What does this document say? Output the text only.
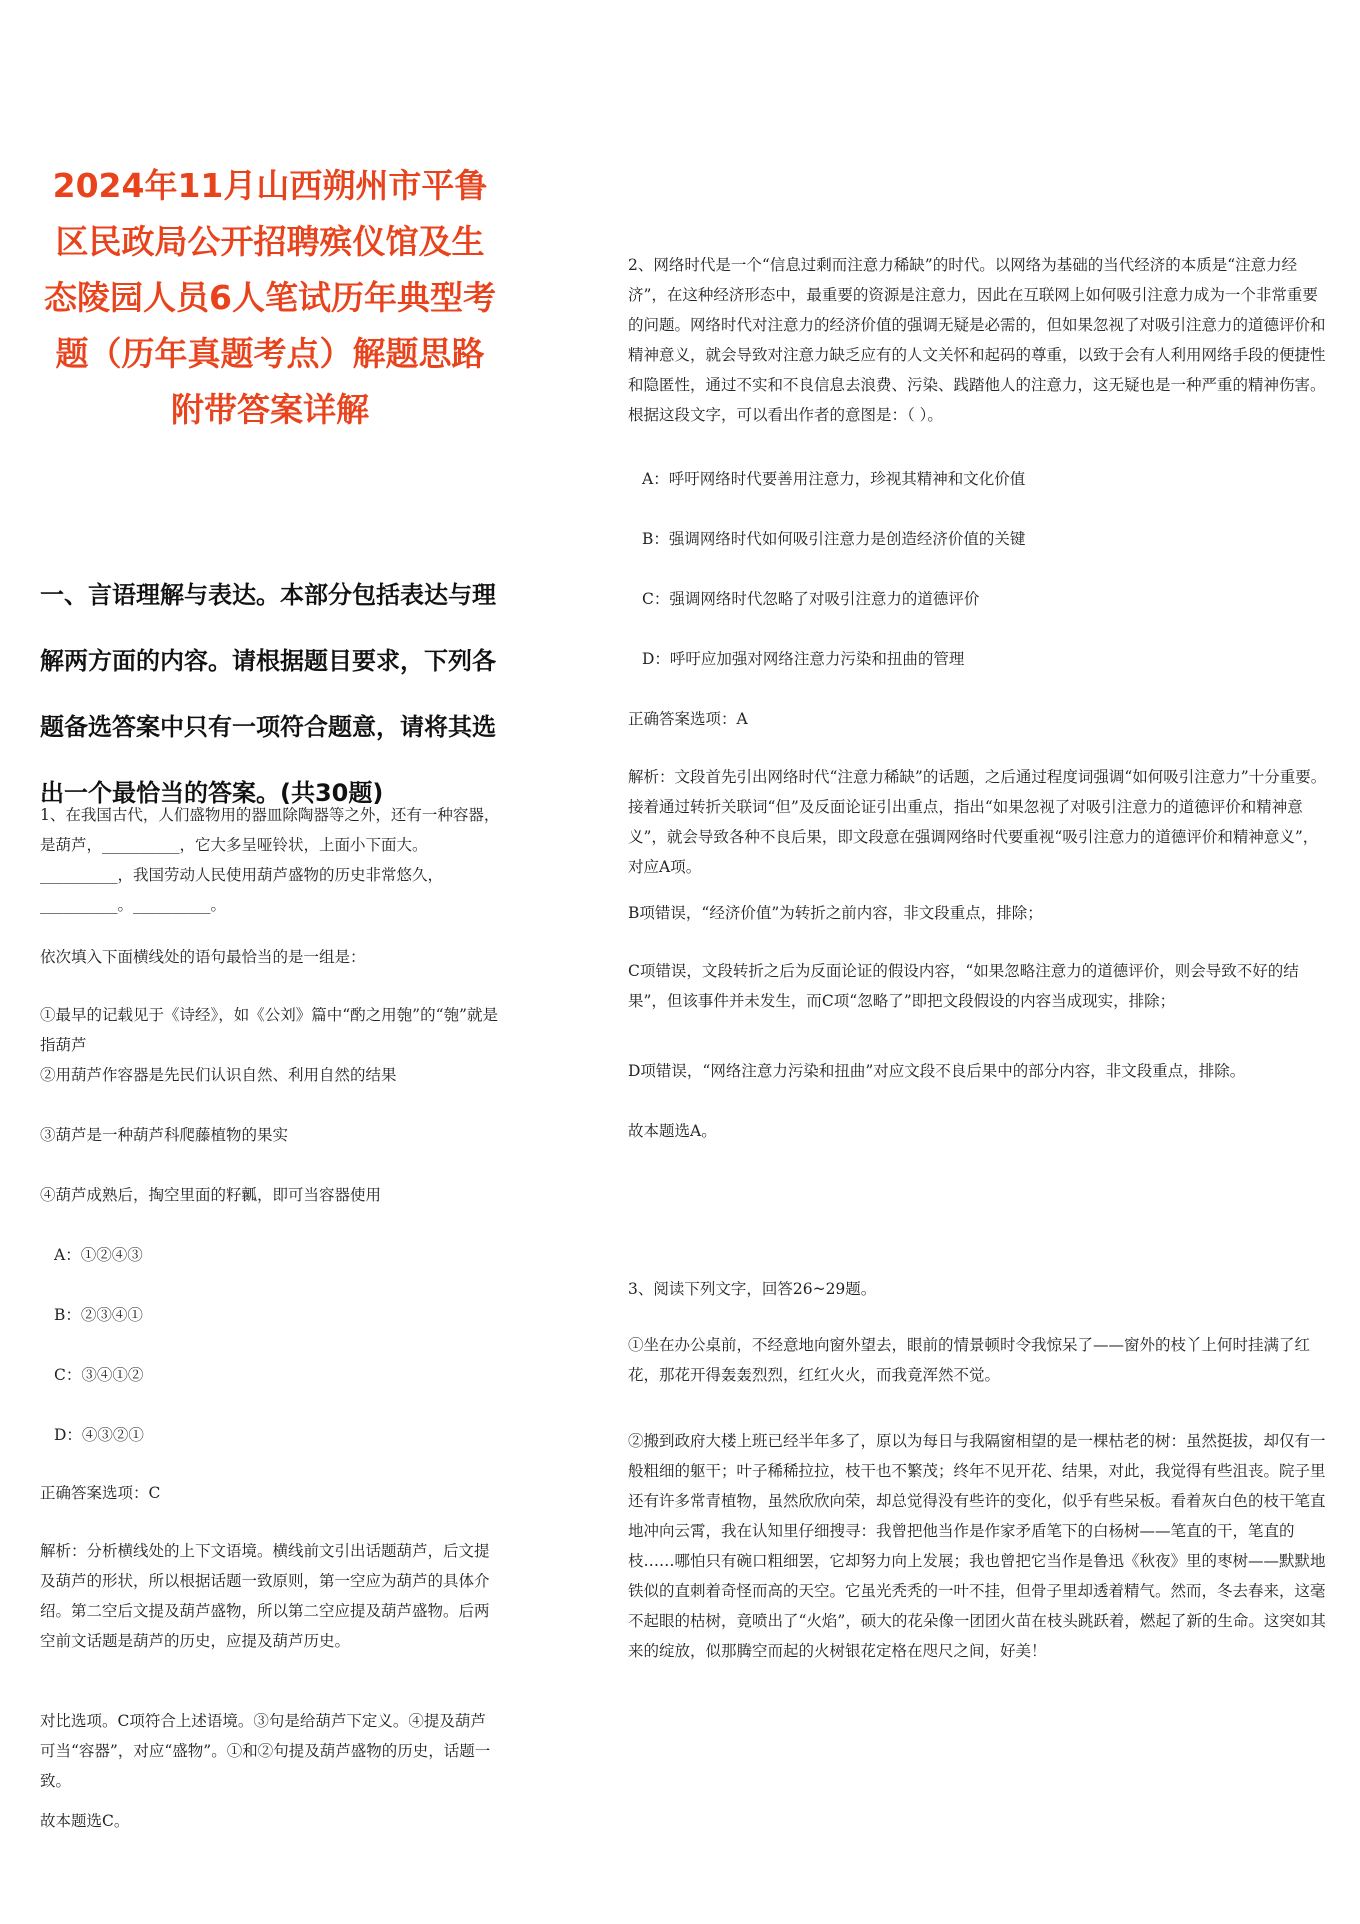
2024年11月山西朔州市平鲁区民政局公开招聘殡仪馆及生态陵园人员6人笔试历年典型考题（历年真题考点）解题思路附带答案详解
一、言语理解与表达。本部分包括表达与理解两方面的内容。请根据题目要求，下列各题备选答案中只有一项符合题意，请将其选出一个最恰当的答案。(共30题)

1、在我国古代，人们盛物用的器皿除陶器等之外，还有一种容器，是葫芦，__________，它大多呈哑铃状，上面小下面大。__________，我国劳动人民使用葫芦盛物的历史非常悠久，__________。__________。

依次填入下面横线处的语句最恰当的是一组是：

①最早的记载见于《诗经》，如《公刘》篇中“酌之用匏”的“匏”就是指葫芦

②用葫芦作容器是先民们认识自然、利用自然的结果

③葫芦是一种葫芦科爬藤植物的果实

④葫芦成熟后，掏空里面的籽瓤，即可当容器使用

A：①②④③

B：②③④①

C：③④①②

D：④③②①

正确答案选项：C

解析：分析横线处的上下文语境。横线前文引出话题葫芦，后文提及葫芦的形状，所以根据话题一致原则，第一空应为葫芦的具体介绍。第二空后文提及葫芦盛物，所以第二空应提及葫芦盛物。后两空前文话题是葫芦的历史，应提及葫芦历史。

对比选项。C项符合上述语境。③句是给葫芦下定义。④提及葫芦可当“容器”，对应“盛物”。①和②句提及葫芦盛物的历史，话题一致。

故本题选C。

2、网络时代是一个“信息过剩而注意力稀缺”的时代。以网络为基础的当代经济的本质是“注意力经济”，在这种经济形态中，最重要的资源是注意力，因此在互联网上如何吸引注意力成为一个非常重要的问题。网络时代对注意力的经济价值的强调无疑是必需的，但如果忽视了对吸引注意力的道德评价和精神意义，就会导致对注意力缺乏应有的人文关怀和起码的尊重，以致于会有人利用网络手段的便捷性和隐匿性，通过不实和不良信息去浪费、污染、践踏他人的注意力，这无疑也是一种严重的精神伤害。根据这段文字，可以看出作者的意图是：（ ）。

A：呼吁网络时代要善用注意力，珍视其精神和文化价值

B：强调网络时代如何吸引注意力是创造经济价值的关键

C：强调网络时代忽略了对吸引注意力的道德评价

D：呼吁应加强对网络注意力污染和扭曲的管理

正确答案选项：A

解析：文段首先引出网络时代“注意力稀缺”的话题，之后通过程度词强调“如何吸引注意力”十分重要。接着通过转折关联词“但”及反面论证引出重点，指出“如果忽视了对吸引注意力的道德评价和精神意义”，就会导致各种不良后果，即文段意在强调网络时代要重视“吸引注意力的道德评价和精神意义”，对应A项。

B项错误，“经济价值”为转折之前内容，非文段重点，排除；

C项错误，文段转折之后为反面论证的假设内容，“如果忽略注意力的道德评价，则会导致不好的结果”，但该事件并未发生，而C项“忽略了”即把文段假设的内容当成现实，排除；

D项错误，“网络注意力污染和扭曲”对应文段不良后果中的部分内容，非文段重点，排除。

故本题选A。

3、阅读下列文字，回答26~29题。

①坐在办公桌前，不经意地向窗外望去，眼前的情景顿时令我惊呆了——窗外的枝丫上何时挂满了红花，那花开得轰轰烈烈，红红火火，而我竟浑然不觉。

②搬到政府大楼上班已经半年多了，原以为每日与我隔窗相望的是一棵枯老的树：虽然挺拔，却仅有一般粗细的躯干；叶子稀稀拉拉，枝干也不繁茂；终年不见开花、结果，对此，我觉得有些沮丧。院子里还有许多常青植物，虽然欣欣向荣，却总觉得没有些许的变化，似乎有些呆板。看着灰白色的枝干笔直地冲向云霄，我在认知里仔细搜寻：我曾把他当作是作家矛盾笔下的白杨树——笔直的干，笔直的枝……哪怕只有碗口粗细罢，它却努力向上发展；我也曾把它当作是鲁迅《秋夜》里的枣树——默默地铁似的直刺着奇怪而高的天空。它虽光秃秃的一叶不挂，但骨子里却透着精气。然而，冬去春来，这毫不起眼的枯树，竟喷出了“火焰”，硕大的花朵像一团团火苗在枝头跳跃着，燃起了新的生命。这突如其来的绽放，似那腾空而起的火树银花定格在咫尺之间，好美！
